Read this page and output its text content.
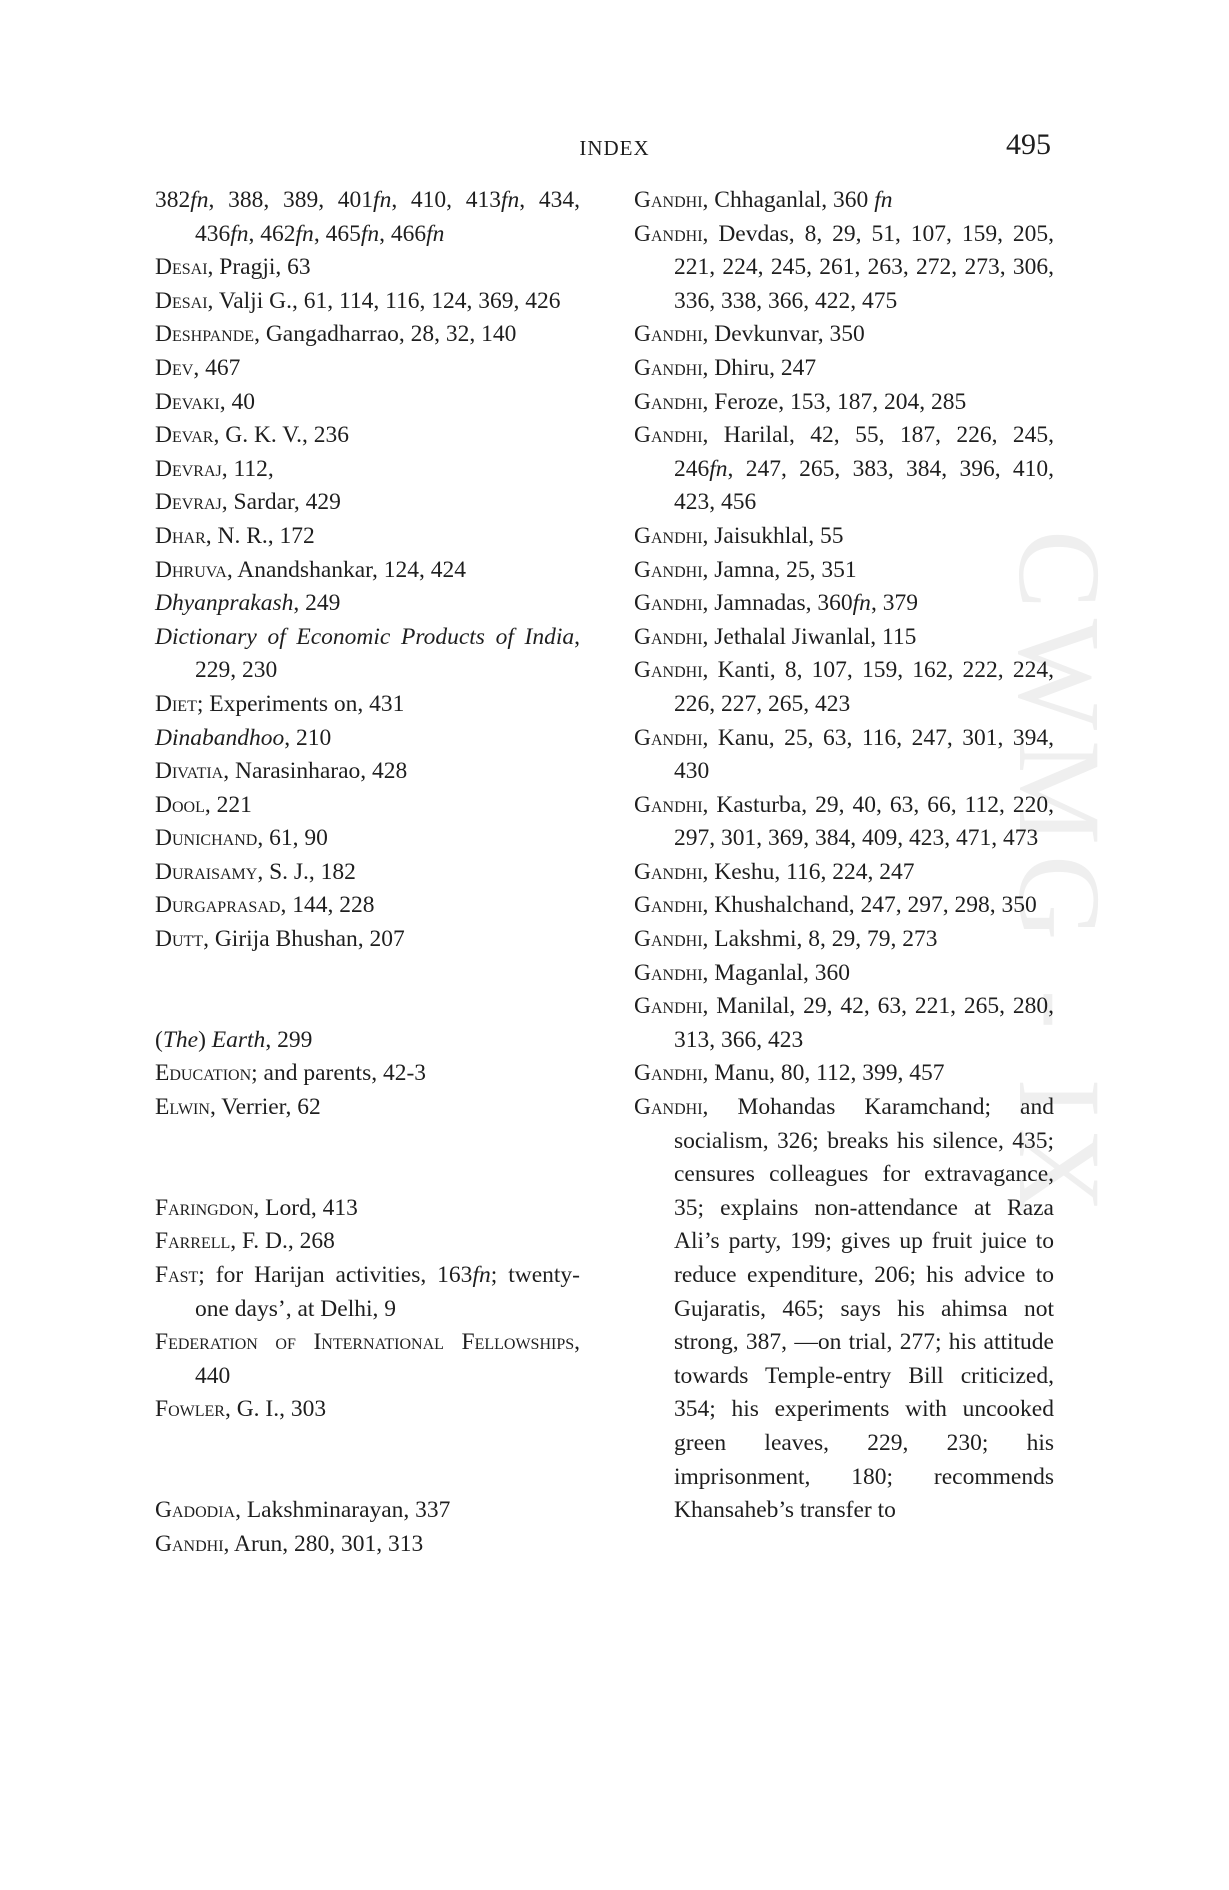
INDEX	495
CWMG - IX
382fn, 388, 389, 401fn, 410, 413fn, 434, 436fn, 462fn, 465fn, 466fn
Desai, Pragji, 63
Desai, Valji G., 61, 114, 116, 124, 369, 426
Deshpande, Gangadharrao, 28, 32, 140
Dev, 467
Devaki, 40
Devar, G. K. V., 236
Devraj, 112,
Devraj, Sardar, 429
Dhar, N. R., 172
Dhruva, Anandshankar, 124, 424
Dhyanprakash, 249
Dictionary of Economic Products of India, 229, 230
Diet; Experiments on, 431
Dinabandhoo, 210
Divatia, Narasinharao, 428
Dool, 221
Dunichand, 61, 90
Duraisamy, S. J., 182
Durgaprasad, 144, 228
Dutt, Girija Bhushan, 207
(The) Earth, 299
Education; and parents, 42-3
Elwin, Verrier, 62
Faringdon, Lord, 413
Farrell, F. D., 268
Fast; for Harijan activities, 163fn; twenty-one days’, at Delhi, 9
Federation of International Fellowships, 440
Fowler, G. I., 303
Gadodia, Lakshminarayan, 337
Gandhi, Arun, 280, 301, 313
Gandhi, Chhaganlal, 360 fn
Gandhi, Devdas, 8, 29, 51, 107, 159, 205, 221, 224, 245, 261, 263, 272, 273, 306, 336, 338, 366, 422, 475
Gandhi, Devkunvar, 350
Gandhi, Dhiru, 247
Gandhi, Feroze, 153, 187, 204, 285
Gandhi, Harilal, 42, 55, 187, 226, 245, 246fn, 247, 265, 383, 384, 396, 410, 423, 456
Gandhi, Jaisukhlal, 55
Gandhi, Jamna, 25, 351
Gandhi, Jamnadas, 360fn, 379
Gandhi, Jethalal Jiwanlal, 115
Gandhi, Kanti, 8, 107, 159, 162, 222, 224, 226, 227, 265, 423
Gandhi, Kanu, 25, 63, 116, 247, 301, 394, 430
Gandhi, Kasturba, 29, 40, 63, 66, 112, 220, 297, 301, 369, 384, 409, 423, 471, 473
Gandhi, Keshu, 116, 224, 247
Gandhi, Khushalchand, 247, 297, 298, 350
Gandhi, Lakshmi, 8, 29, 79, 273
Gandhi, Maganlal, 360
Gandhi, Manilal, 29, 42, 63, 221, 265, 280, 313, 366, 423
Gandhi, Manu, 80, 112, 399, 457
Gandhi, Mohandas Karamchand; and socialism, 326; breaks his silence, 435; censures colleagues for extravagance, 35; explains non-attendance at Raza Ali’s party, 199; gives up fruit juice to reduce expenditure, 206; his advice to Gujaratis, 465; says his ahimsa not strong, 387, —on trial, 277; his attitude towards Temple-entry Bill criticized, 354; his experiments with uncooked green leaves, 229, 230; his imprisonment, 180; recommends Khansaheb’s transfer to
